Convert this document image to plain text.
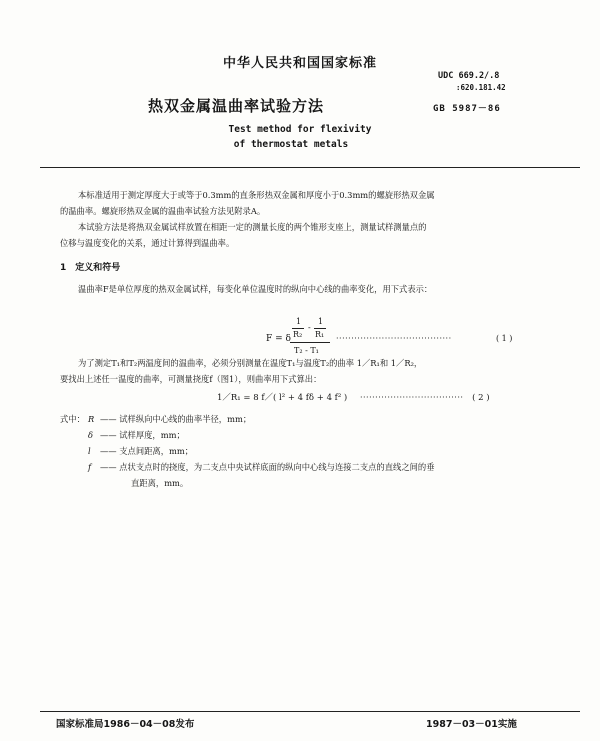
中华人民共和国国家标准
UDC 669.2/.8
:620.181.42
热双金属温曲率试验方法	GB 5987－86
Test method for flexivity
of thermostat metals
本标准适用于测定厚度大于或等于0.3mm的直条形热双金属和厚度小于0.3mm的螺旋形热双金属
的温曲率。螺旋形热双金属的温曲率试验方法见附录A。
本试验方法是将热双金属试样放置在相距一定的测量长度的两个锥形支座上，测量试样测量点的
位移与温度变化的关系，通过计算得到温曲率。
1　定义和符号
温曲率F是单位厚度的热双金属试样，每变化单位温度时的纵向中心线的曲率变化，用下式表示：
F = δ
1
R₂
-
1
R₁
T₂ - T₁
······································	( 1 )
为了测定T₁和T₂两温度间的温曲率，必须分别测量在温度T₁与温度T₂的曲率 1／R₁和 1／R₂，
要找出上述任一温度的曲率，可测量挠度f（图1），则曲率用下式算出：
1／R₁ = 8 f／( l² + 4 fδ + 4 f² ) ·································· ( 2 )
式中： R —— 试样纵向中心线的曲率半径，mm；
δ —— 试样厚度，mm；
l —— 支点间距离，mm；
f —— 点状支点时的挠度，为二支点中央试样底面的纵向中心线与连接二支点的直线之间的垂
直距离，mm。
国家标准局1986－04－08发布	1987－03－01实施
